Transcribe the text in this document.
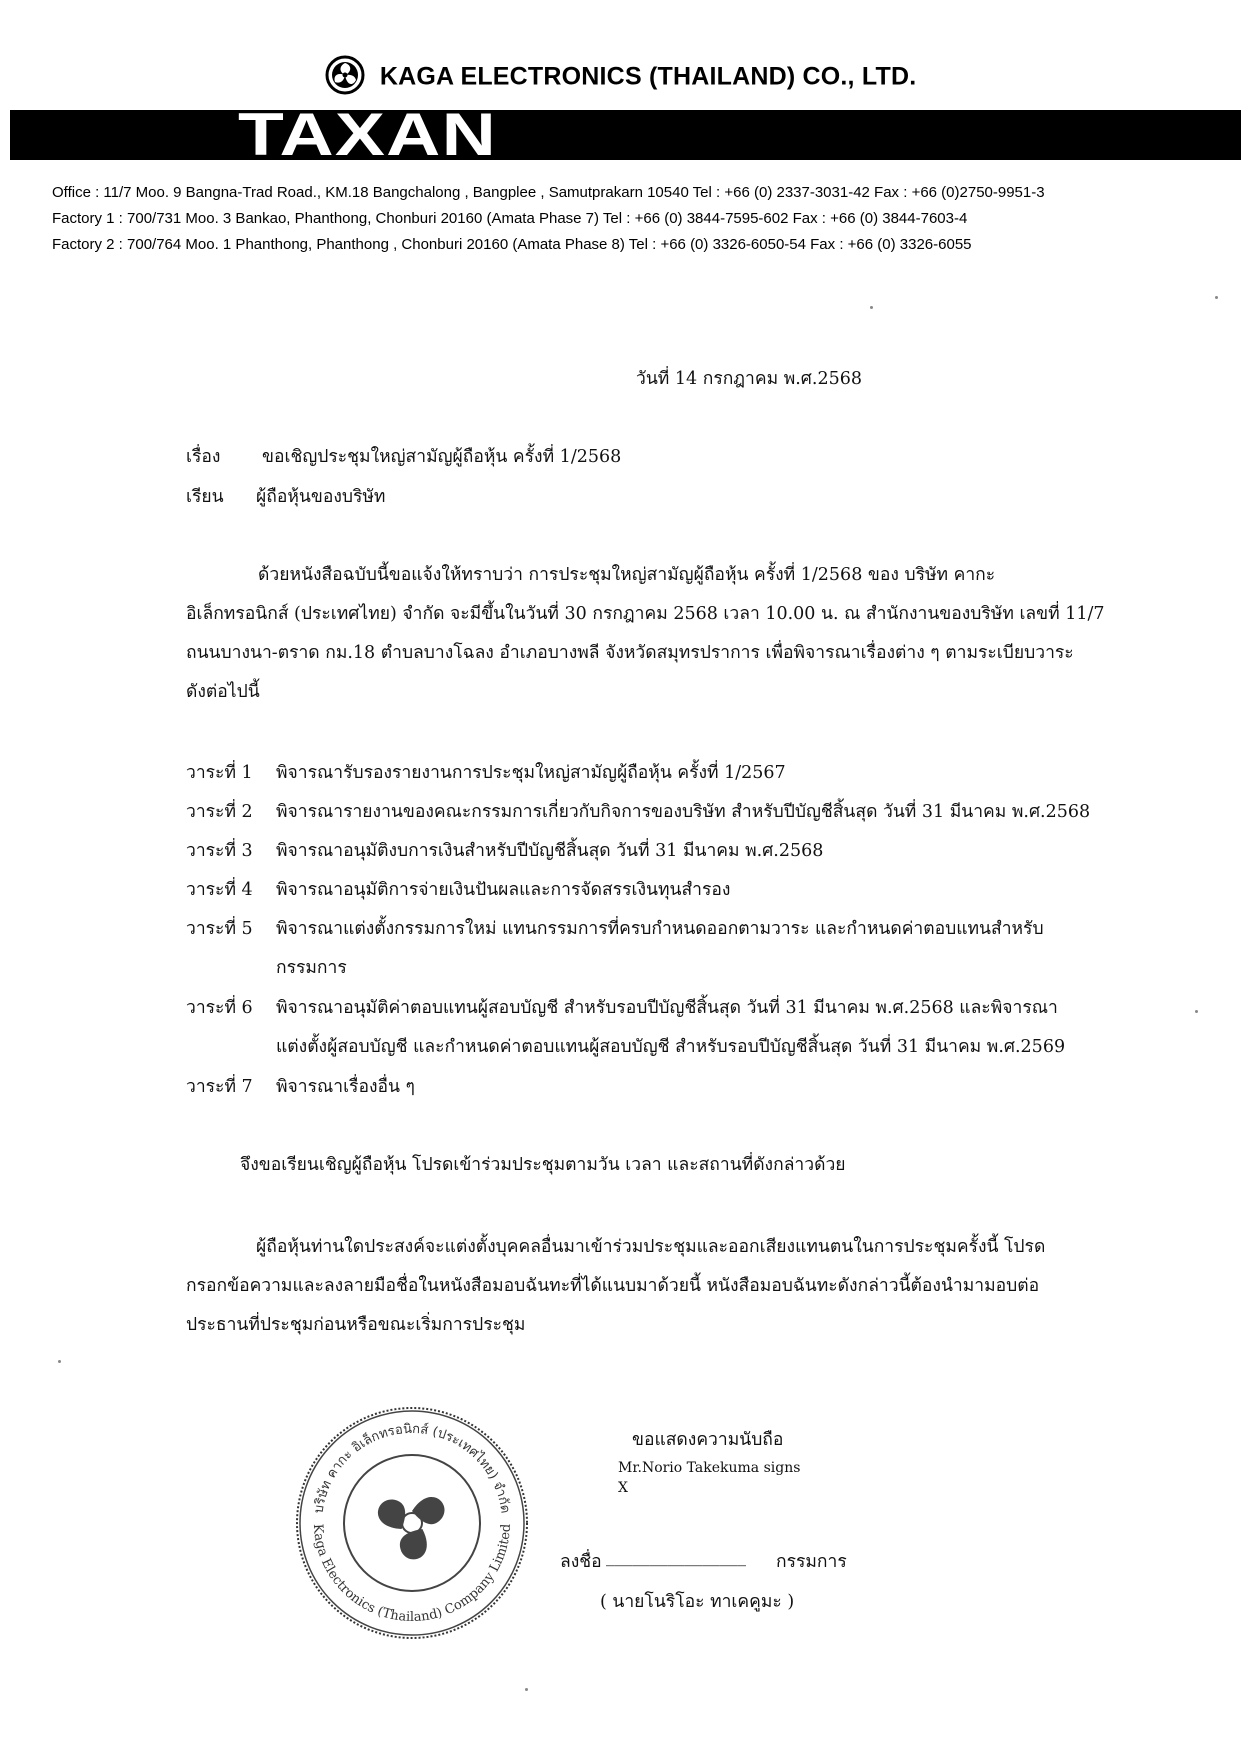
KAGA ELECTRONICS (THAILAND) CO., LTD.
TAXAN
Office : 11/7 Moo. 9 Bangna-Trad Road., KM.18 Bangchalong , Bangplee , Samutprakarn 10540 Tel : +66 (0) 2337-3031-42 Fax : +66 (0)2750-9951-3
Factory 1 : 700/731 Moo. 3 Bankao, Phanthong, Chonburi 20160 (Amata Phase 7) Tel : +66 (0) 3844-7595-602 Fax : +66 (0) 3844-7603-4
Factory 2 : 700/764 Moo. 1 Phanthong, Phanthong , Chonburi 20160 (Amata Phase 8) Tel : +66 (0) 3326-6050-54 Fax : +66 (0) 3326-6055
วันที่ 14 กรกฎาคม พ.ศ.2568
เรื่อง ขอเชิญประชุมใหญ่สามัญผู้ถือหุ้น ครั้งที่ 1/2568
เรียน ผู้ถือหุ้นของบริษัท
ด้วยหนังสือฉบับนี้ขอแจ้งให้ทราบว่า การประชุมใหญ่สามัญผู้ถือหุ้น ครั้งที่ 1/2568 ของ บริษัท คากะ
อิเล็กทรอนิกส์ (ประเทศไทย) จำกัด จะมีขึ้นในวันที่ 30 กรกฎาคม 2568 เวลา 10.00 น. ณ สำนักงานของบริษัท เลขที่ 11/7
ถนนบางนา-ตราด กม.18 ตำบลบางโฉลง อำเภอบางพลี จังหวัดสมุทรปราการ เพื่อพิจารณาเรื่องต่าง ๆ ตามระเบียบวาระ
ดังต่อไปนี้
วาระที่ 1 พิจารณารับรองรายงานการประชุมใหญ่สามัญผู้ถือหุ้น ครั้งที่ 1/2567
วาระที่ 2 พิจารณารายงานของคณะกรรมการเกี่ยวกับกิจการของบริษัท สำหรับปีบัญชีสิ้นสุด วันที่ 31 มีนาคม พ.ศ.2568
วาระที่ 3 พิจารณาอนุมัติงบการเงินสำหรับปีบัญชีสิ้นสุด วันที่ 31 มีนาคม พ.ศ.2568
วาระที่ 4 พิจารณาอนุมัติการจ่ายเงินปันผลและการจัดสรรเงินทุนสำรอง
วาระที่ 5 พิจารณาแต่งตั้งกรรมการใหม่ แทนกรรมการที่ครบกำหนดออกตามวาระ และกำหนดค่าตอบแทนสำหรับ
กรรมการ
วาระที่ 6 พิจารณาอนุมัติค่าตอบแทนผู้สอบบัญชี สำหรับรอบปีบัญชีสิ้นสุด วันที่ 31 มีนาคม พ.ศ.2568 และพิจารณา
แต่งตั้งผู้สอบบัญชี และกำหนดค่าตอบแทนผู้สอบบัญชี สำหรับรอบปีบัญชีสิ้นสุด วันที่ 31 มีนาคม พ.ศ.2569
วาระที่ 7 พิจารณาเรื่องอื่น ๆ
จึงขอเรียนเชิญผู้ถือหุ้น โปรดเข้าร่วมประชุมตามวัน เวลา และสถานที่ดังกล่าวด้วย
ผู้ถือหุ้นท่านใดประสงค์จะแต่งตั้งบุคคลอื่นมาเข้าร่วมประชุมและออกเสียงแทนตนในการประชุมครั้งนี้ โปรด
กรอกข้อความและลงลายมือชื่อในหนังสือมอบฉันทะที่ได้แนบมาด้วยนี้ หนังสือมอบฉันทะดังกล่าวนี้ต้องนำมามอบต่อ
ประธานที่ประชุมก่อนหรือขณะเริ่มการประชุม
บริษัท คากะ อิเล็กทรอนิกส์ (ประเทศไทย) จำกัด
Kaga Electronics (Thailand) Company Limited
ขอแสดงความนับถือ
Mr.Norio Takekuma signs
X
ลงชื่อ ________________ กรรมการ
( นายโนริโอะ ทาเคคูมะ )
